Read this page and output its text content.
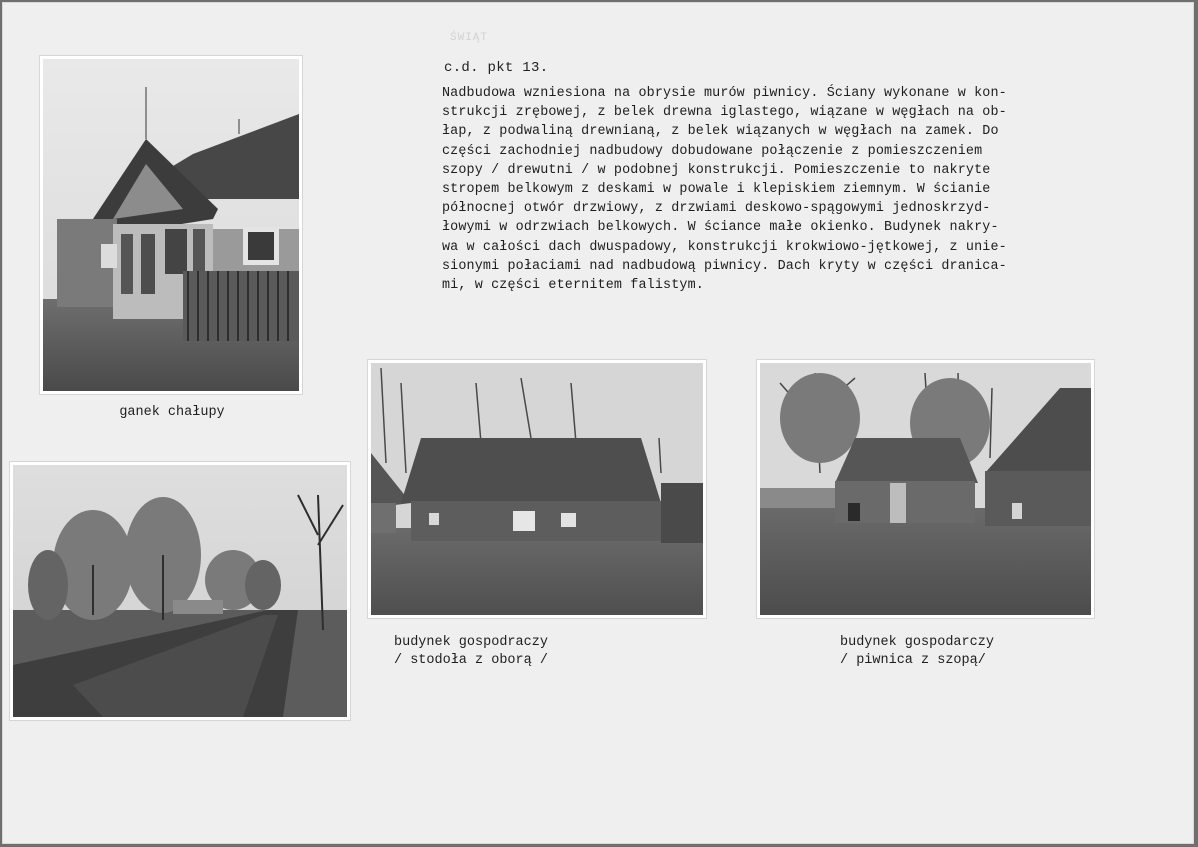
ŚWIĄT
c.d. pkt 13.
Nadbudowa wzniesiona na obrysie murów piwnicy. Ściany wykonane w kon-
strukcji zrębowej, z belek drewna iglastego, wiązane w węgłach na ob-
łap, z podwaliną drewnianą, z belek wiązanych w węgłach na zamek. Do
części zachodniej nadbudowy dobudowane połączenie z pomieszczeniem
szopy / drewutni / w podobnej konstrukcji. Pomieszczenie to nakryte
stropem belkowym z deskami w powale i klepiskiem ziemnym. W ścianie
północnej otwór drzwiowy, z drzwiami deskowo-spągowymi jednoskrzyd-
łowymi w odrzwiach belkowych. W ściance małe okienko. Budynek nakry-
wa w całości dach dwuspadowy, konstrukcji krokwiowo-jętkowej, z unie-
sionymi połaciami nad nadbudową piwnicy. Dach kryty w części dranica-
mi, w części eternitem falistym.
ganek chałupy
budynek gospodraczy
/ stodoła z oborą /
budynek gospodarczy
/ piwnica z szopą/
